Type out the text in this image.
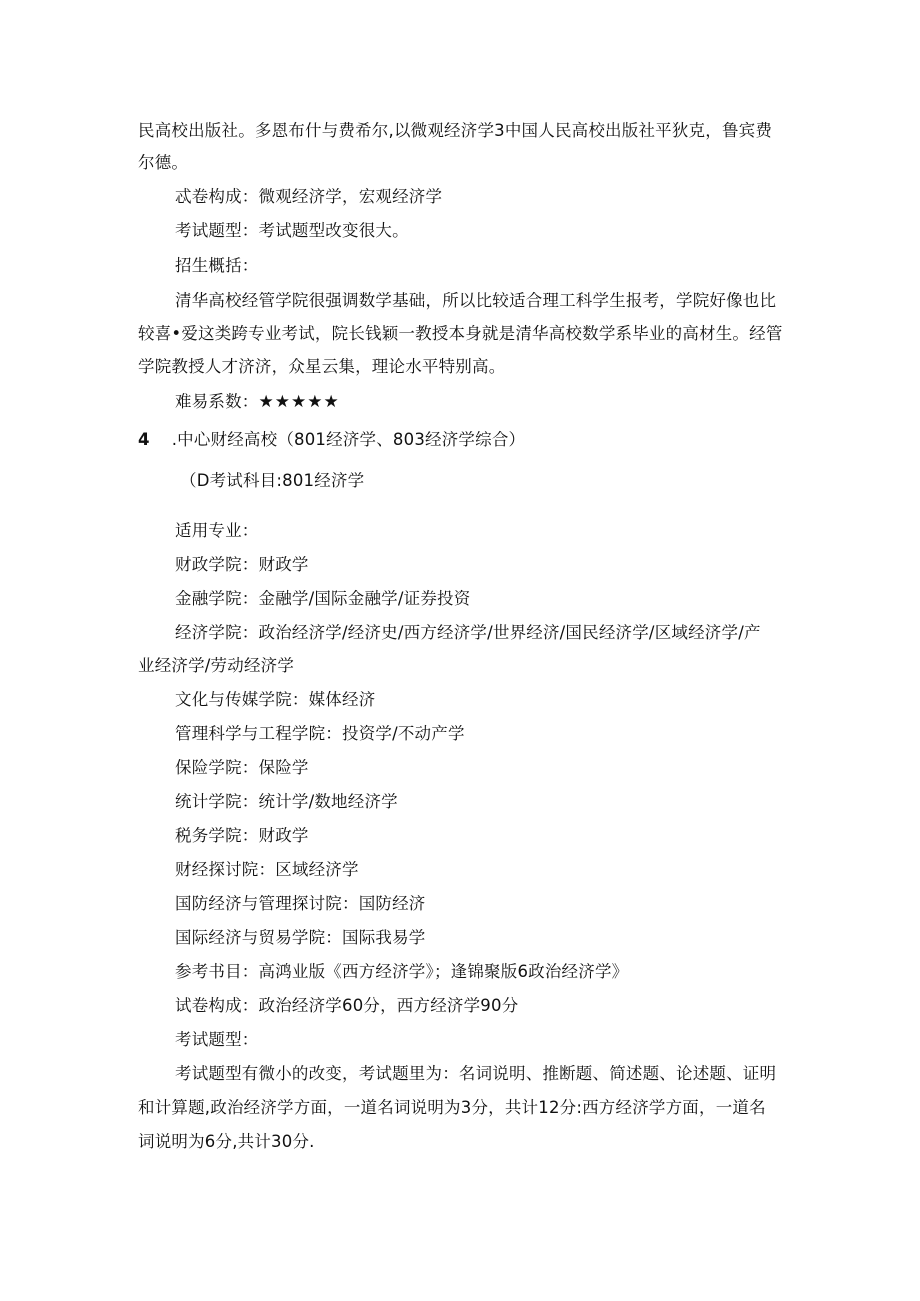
民高校出版社。多恩布什与费希尔,以微观经济学3中国人民高校出版社平狄克，鲁宾费
尔德。
忒卷构成：微观经济学，宏观经济学
考试题型：考试题型改变很大。
招生概括：
清华高校经管学院很强调数学基础，所以比较适合理工科学生报考，学院好像也比
较喜•爱这类跨专业考试，院长钱颖一教授本身就是清华高校数学系毕业的高材生。经管
学院教授人才济济，众星云集，理论水平特别高。
难易系数：★★★★★
4 .中心财经高校（801经济学、803经济学综合）
（D考试科目:801经济学
适用专业：
财政学院：财政学
金融学院：金融学/国际金融学/证券投资
经济学院：政治经济学/经济史/西方经济学/世界经济/国民经济学/区域经济学/产
业经济学/劳动经济学
文化与传媒学院：媒体经济
管理科学与工程学院：投资学/不动产学
保险学院：保险学
统计学院：统计学/数地经济学
税务学院：财政学
财经探讨院：区域经济学
国防经济与管理探讨院：国防经济
国际经济与贸易学院：国际我易学
参考书目：高鸿业版《西方经济学》；逢锦聚版6政治经济学》
试卷构成：政治经济学60分，西方经济学90分
考试题型：
考试题型有微小的改变，考试题里为：名词说明、推断题、简述题、论述题、证明
和计算题,政治经济学方面，一道名词说明为3分，共计12分:西方经济学方面，一道名
词说明为6分,共计30分.
